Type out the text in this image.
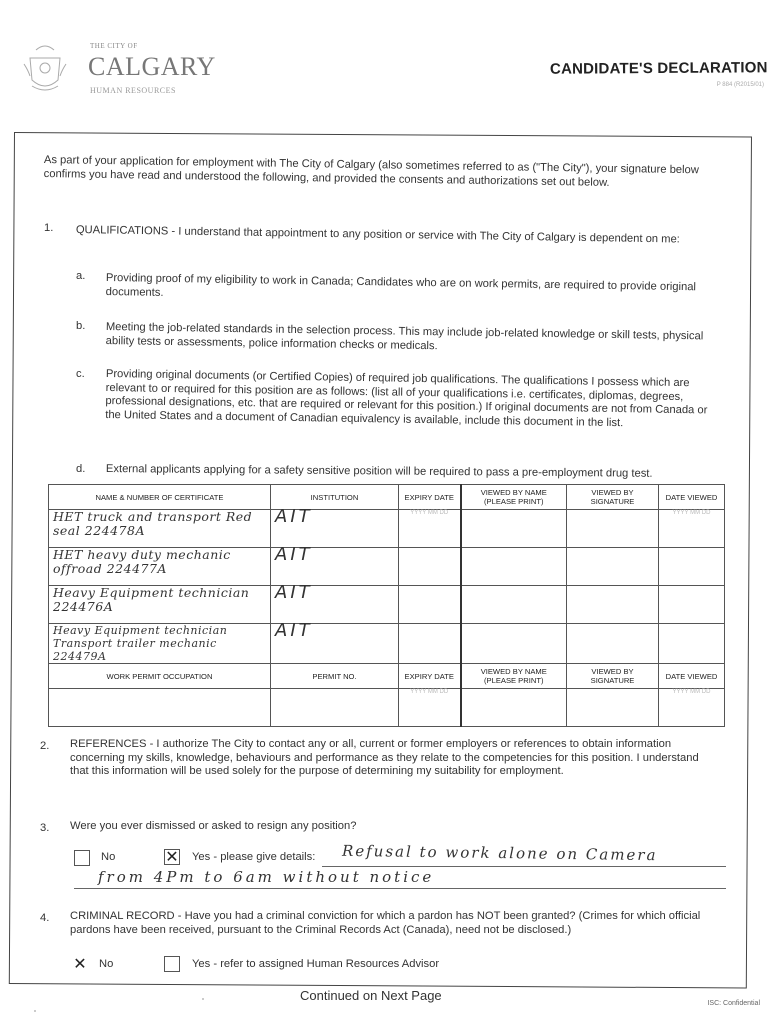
THE CITY OF
CALGARY
HUMAN RESOURCES
CANDIDATE'S DECLARATION
P 884 (R2015/01)
As part of your application for employment with The City of Calgary (also sometimes referred to as ("The City"), your signature below confirms you have read and understood the following, and provided the consents and authorizations set out below.
1. QUALIFICATIONS - I understand that appointment to any position or service with The City of Calgary is dependent on me:
a. Providing proof of my eligibility to work in Canada; Candidates who are on work permits, are required to provide original documents.
b. Meeting the job-related standards in the selection process. This may include job-related knowledge or skill tests, physical ability tests or assessments, police information checks or medicals.
c. Providing original documents (or Certified Copies) of required job qualifications. The qualifications I possess which are relevant to or required for this position are as follows: (list all of your qualifications i.e. certificates, diplomas, degrees, professional designations, etc. that are required or relevant for this position.) If original documents are not from Canada or the United States and a document of Canadian equivalency is available, include this document in the list.
d. External applicants applying for a safety sensitive position will be required to pass a pre-employment drug test.
NAME & NUMBER OF CERTIFICATE	INSTITUTION	EXPIRY DATE	VIEWED BY NAME (PLEASE PRINT)	VIEWED BY SIGNATURE	DATE VIEWED
HET truck and transport Red seal 224478A	AIT	YYYY MM DD			YYYY MM DD
HET heavy duty mechanic offroad 224477A	AIT				
Heavy Equipment technician 224476A	AIT				
Heavy Equipment technician Transport trailer mechanic 224479A	AIT				
WORK PERMIT OCCUPATION	PERMIT NO.	EXPIRY DATE	VIEWED BY NAME (PLEASE PRINT)	VIEWED BY SIGNATURE	DATE VIEWED
		YYYY MM DD			YYYY MM DD
2. REFERENCES - I authorize The City to contact any or all, current or former employers or references to obtain information concerning my skills, knowledge, behaviours and performance as they relate to the competencies for this position. I understand that this information will be used solely for the purpose of determining my suitability for employment.
3. Were you ever dismissed or asked to resign any position?
No	✕ Yes - please give details: Refusal to work alone on Camera
from 4Pm to 6am without notice
4. CRIMINAL RECORD - Have you had a criminal conviction for which a pardon has NOT been granted? (Crimes for which official pardons have been received, pursuant to the Criminal Records Act (Canada), need not be disclosed.)
✕ No	Yes - refer to assigned Human Resources Advisor
Continued on Next Page
ISC: Confidential
